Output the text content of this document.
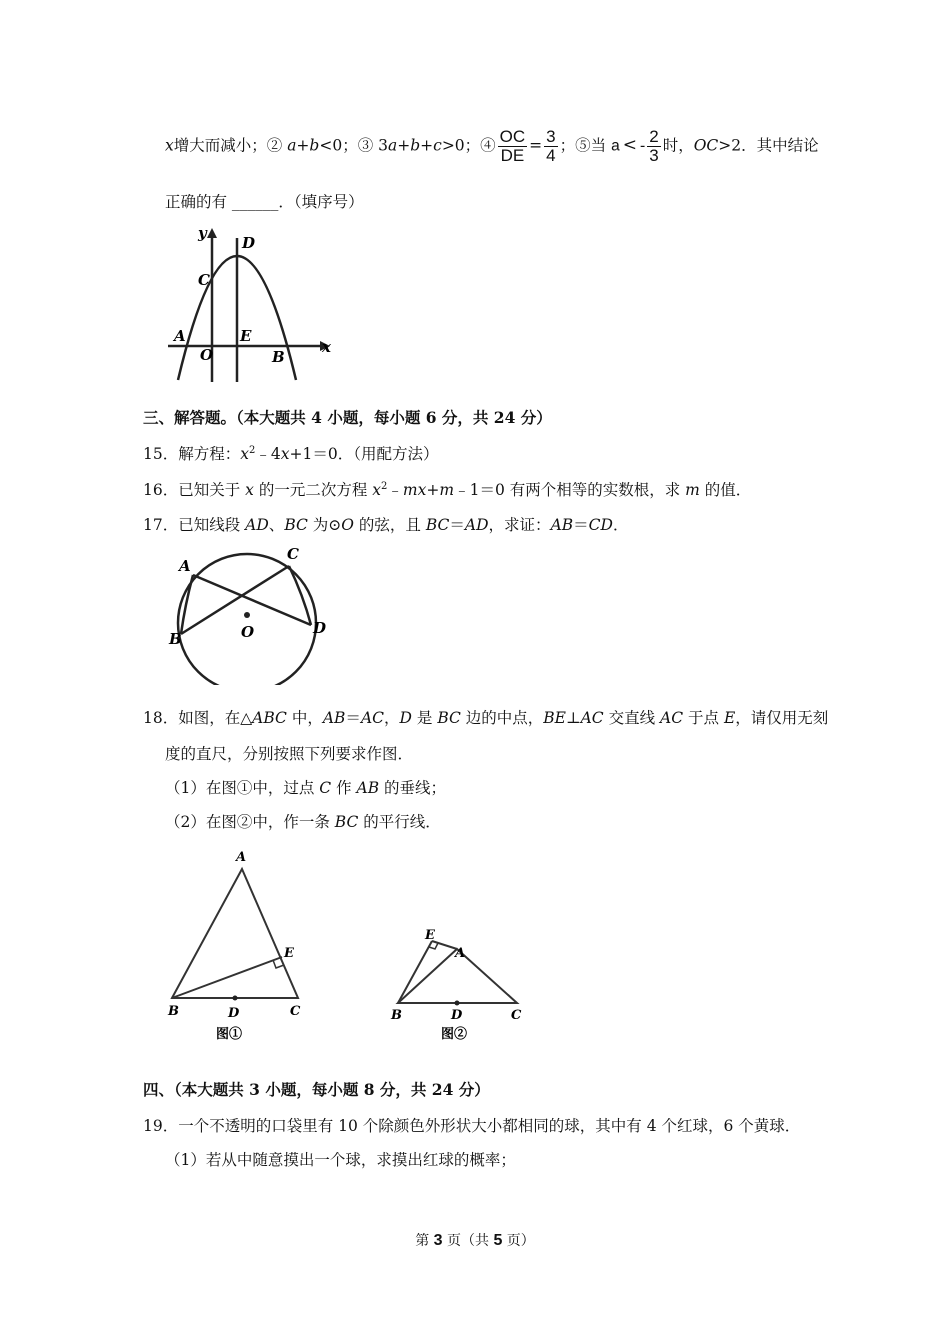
x增大而减小；② a+b<0；③ 3a+b+c>0；④ $\frac{OC}{DE} = \frac{3}{4}$ ；⑤当 a < - $\frac{2}{3}$ 时，OC>2．其中结论
正确的有 ______．（填序号）
y
x
D
C
A	E
O	B
三、解答题。（本大题共 4 小题，每小题 6 分，共 24 分）
15．解方程：$x^2﹣4x+1=0$．（用配方法）
16．已知关于 x 的一元二次方程 $x^2﹣mx+m﹣1=0$ 有两个相等的实数根，求 m 的值．
17．已知线段 AD、BC 为⊙O 的弦，且 BC＝AD，求证：AB＝CD．
A
B
C
D
O
18．如图，在△ABC 中，AB＝AC，D 是 BC 边的中点，BE⊥AC 交直线 AC 于点 E，请仅用无刻
度的直尺，分别按照下列要求作图．
（1）在图①中，过点 C 作 AB 的垂线；
（2）在图②中，作一条 BC 的平行线．
A
E
B	D	C
图①
E
A
B	D	C
图②
四、（本大题共 3 小题，每小题 8 分，共 24 分）
19．一个不透明的口袋里有 10 个除颜色外形状大小都相同的球，其中有 4 个红球，6 个黄球．
（1）若从中随意摸出一个球，求摸出红球的概率；
第 3 页（共 5 页）
